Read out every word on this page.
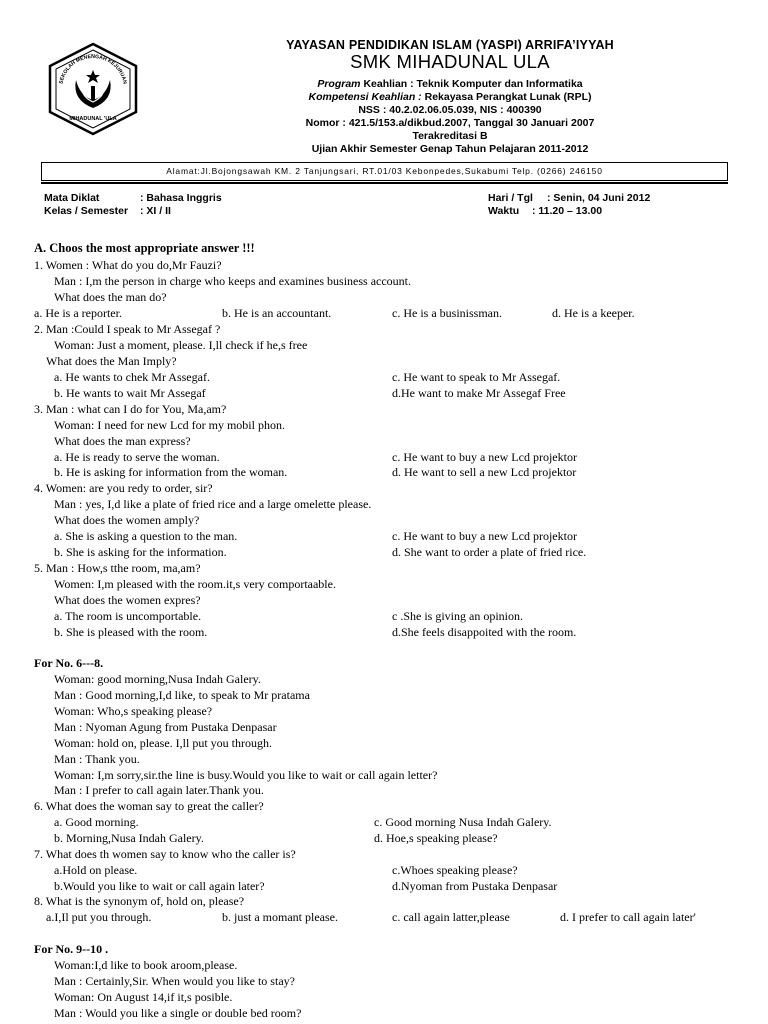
SEKOLAH MENENGAH KEJURUAN
MIHADUNAL 'ULA
YAYASAN PENDIDIKAN ISLAM (YASPI) ARRIFA’IYYAH
SMK MIHADUNAL ULA
Program Keahlian : Teknik Komputer dan Informatika
Kompetensi Keahlian : Rekayasa Perangkat Lunak (RPL)
NSS : 40.2.02.06.05.039, NIS : 400390
Nomor : 421.5/153.a/dikbud.2007, Tanggal 30 Januari 2007
Terakreditasi B
Ujian Akhir Semester Genap Tahun Pelajaran 2011-2012
Alamat:Jl.Bojongsawah KM. 2 Tanjungsari, RT.01/03 Kebonpedes,Sukabumi Telp. (0266) 246150
Mata Diklat	: Bahasa Inggris
Kelas / Semester : XI / II
Hari / Tgl : Senin, 04 Juni 2012
Waktu : 11.20 – 13.00
A. Choos the most appropriate answer !!!
1. Women : What do you do,Mr Fauzi?
Man : I,m the person in charge who keeps and examines business account.
What does the man do?
a. He is a reporter.	b. He is an accountant.	c. He is a businissman.	d. He is a keeper.
2. Man :Could I speak to Mr Assegaf ?
Woman: Just a moment, please. I,ll check if he,s free
What does the Man Imply?
a. He wants to chek Mr Assegaf.	c. He want to speak to Mr Assegaf.
b. He wants to wait Mr Assegaf	d.He want to make Mr Assegaf Free
3. Man : what can I do for You, Ma,am?
Woman: I need for new Lcd for my mobil phon.
What does the man express?
a. He is ready to serve the woman.	c. He want to buy a new Lcd projektor
b. He is asking for information from the woman.	d. He want to sell a new Lcd projektor
4. Women: are you redy to order, sir?
Man : yes, I,d like a plate of fried rice and a large omelette please.
What does the women amply?
a. She is asking a question to the man.	c. He want to buy a new Lcd projektor
b. She is asking for the information.	d. She want to order a plate of fried rice.
5. Man : How,s tthe room, ma,am?
Women: I,m pleased with the room.it,s very comportaable.
What does the women expres?
a. The room is uncomportable.	c .She is giving an opinion.
b. She is pleased with the room.	d.She feels disappoited with the room.
For No. 6---8.
Woman: good morning,Nusa Indah Galery.
Man : Good morning,I,d like, to speak to Mr pratama
Woman: Who,s speaking please?
Man : Nyoman Agung from Pustaka Denpasar
Woman: hold on, please. I,ll put you through.
Man : Thank you.
Woman: I,m sorry,sir.the line is busy.Would you like to wait or call again letter?
Man : I prefer to call again later.Thank you.
6. What does the woman say to great the caller?
a. Good morning.	c. Good morning Nusa Indah Galery.
b. Morning,Nusa Indah Galery.	d. Hoe,s speaking please?
7. What does th women say to know who the caller is?
a.Hold on please.	c.Whoes speaking please?
b.Would you like to wait or call again later?	d.Nyoman from Pustaka Denpasar
8. What is the synonym of, hold on, please?
a.I,Il put you through.	b. just a momant please.	c. call again latter,please	d. I prefer to call again later'
For No. 9--10 .
Woman:I,d like to book aroom,please.
Man : Certainly,Sir. When would you like to stay?
Woman: On August 14,if it,s posible.
Man : Would you like a single or double bed room?
